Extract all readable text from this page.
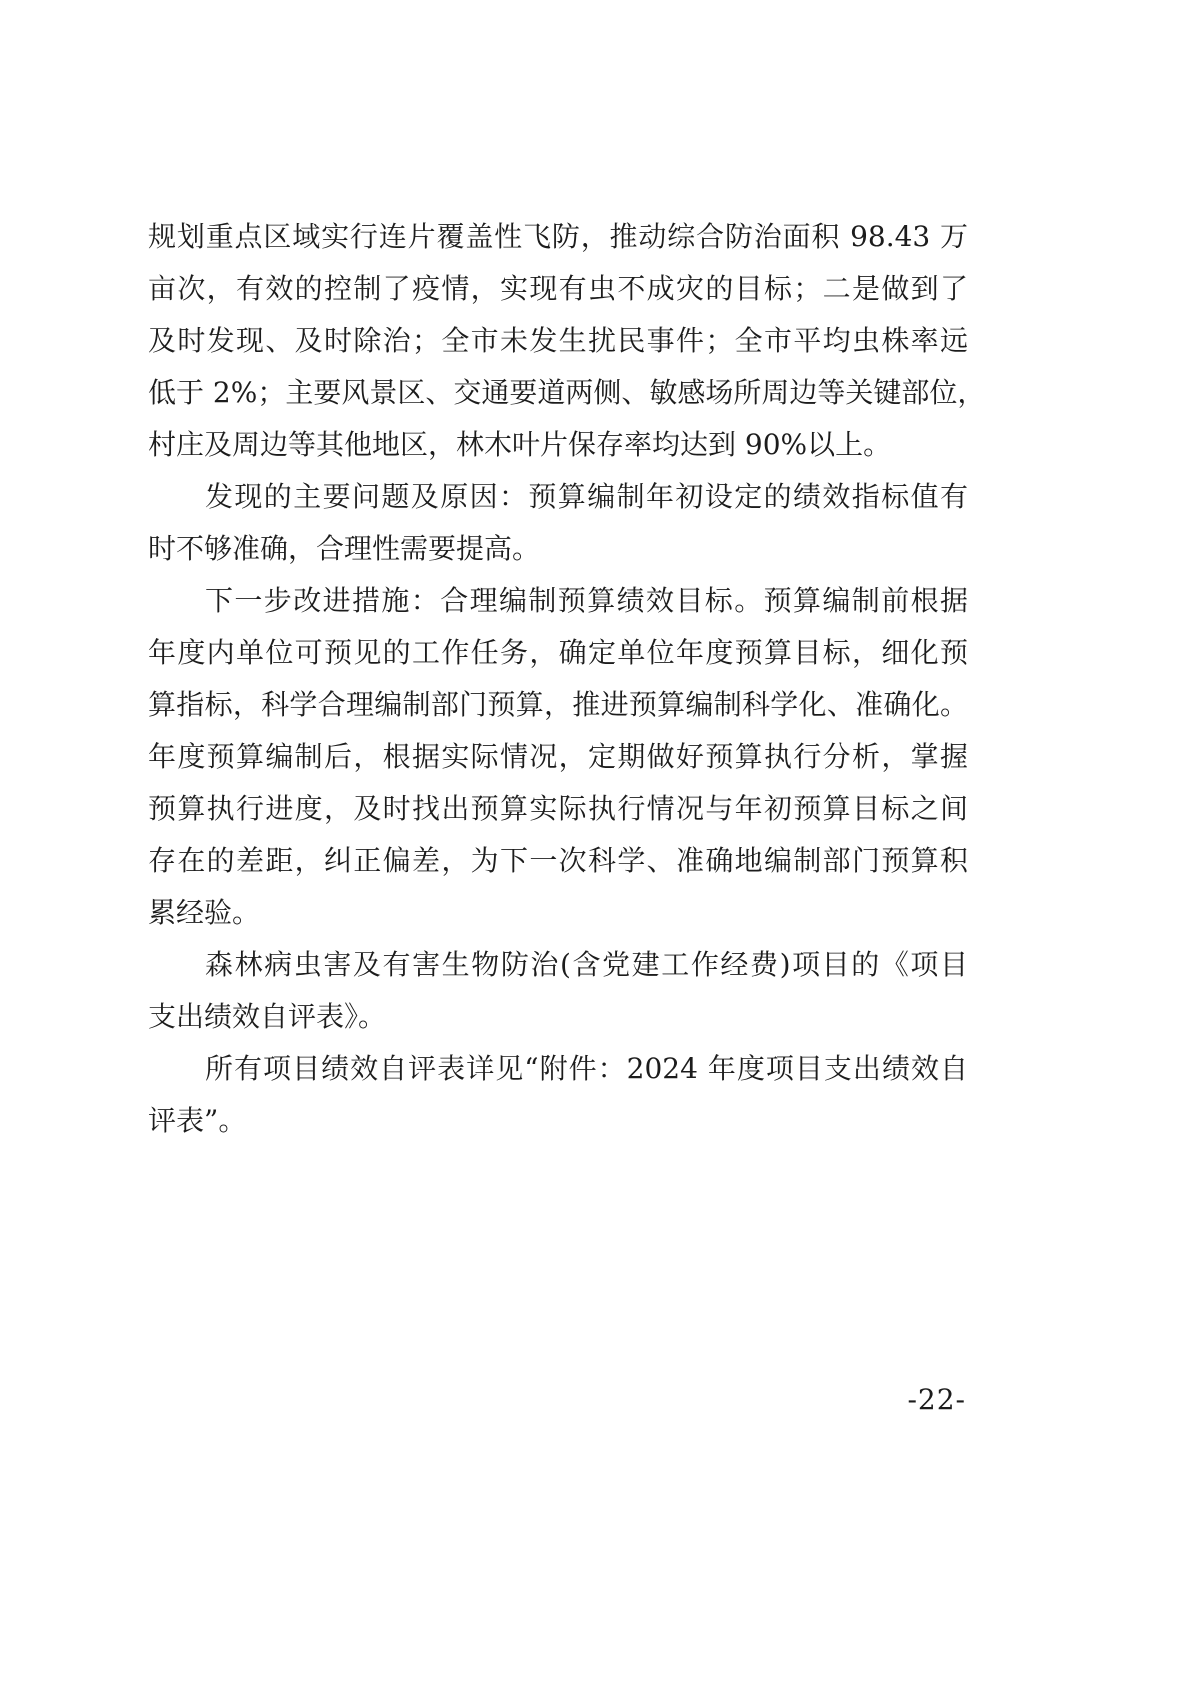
规划重点区域实行连片覆盖性飞防，推动综合防治面积 98.43 万
亩次，有效的控制了疫情，实现有虫不成灾的目标；二是做到了
及时发现、及时除治；全市未发生扰民事件；全市平均虫株率远
低于 2%；主要风景区、交通要道两侧、敏感场所周边等关键部位，
村庄及周边等其他地区，林木叶片保存率均达到 90%以上。
发现的主要问题及原因：预算编制年初设定的绩效指标值有
时不够准确，合理性需要提高。
下一步改进措施：合理编制预算绩效目标。预算编制前根据
年度内单位可预见的工作任务，确定单位年度预算目标，细化预
算指标，科学合理编制部门预算，推进预算编制科学化、准确化。
年度预算编制后，根据实际情况，定期做好预算执行分析，掌握
预算执行进度，及时找出预算实际执行情况与年初预算目标之间
存在的差距，纠正偏差，为下一次科学、准确地编制部门预算积
累经验。
森林病虫害及有害生物防治(含党建工作经费)项目的《项目
支出绩效自评表》。
所有项目绩效自评表详见“附件：2024 年度项目支出绩效自
评表”。
-22-
